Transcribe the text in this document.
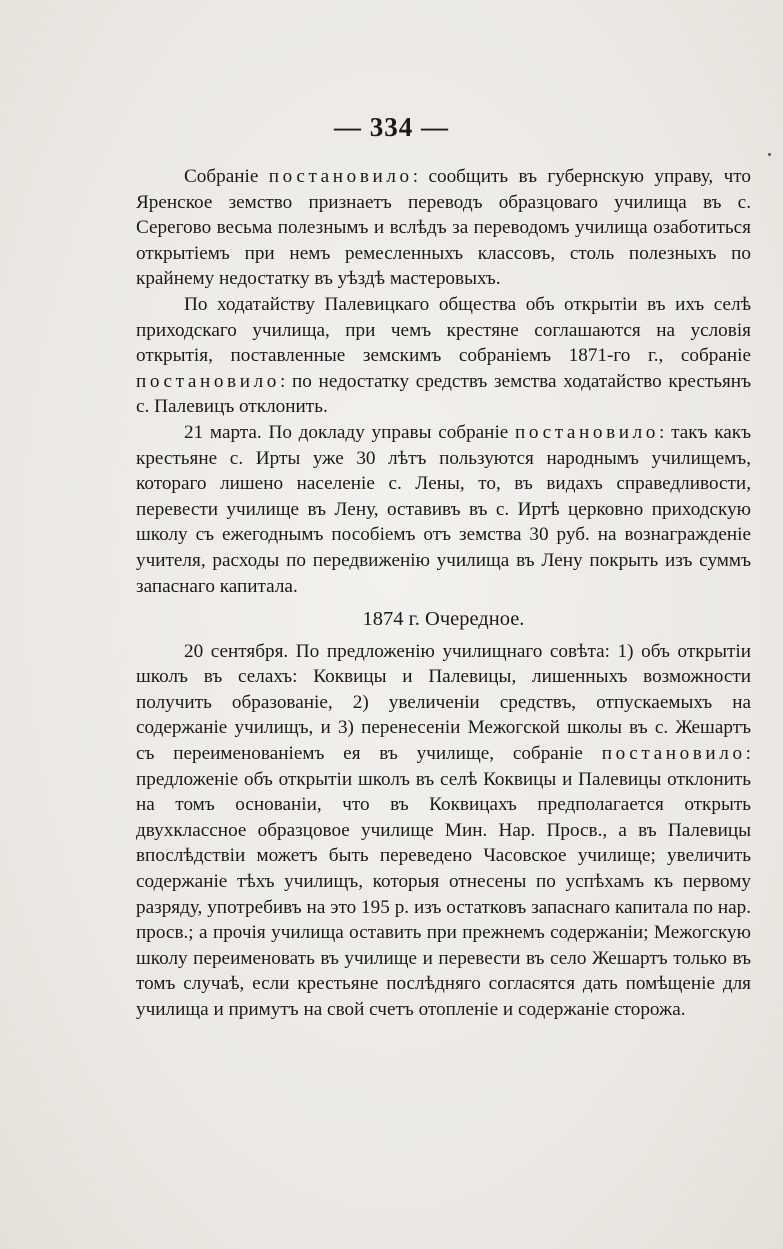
— 334 —

Собраніе постановило: сообщить въ губернскую управу, что Яренское земство признаетъ переводъ образцоваго училища въ с. Серегово весьма полезнымъ и вслѣдъ за переводомъ училища озаботиться открытіемъ при немъ ремесленныхъ классовъ, столь полезныхъ по крайнему недостатку въ уѣздѣ мастеровыхъ.

По ходатайству Палевицкаго общества объ открытіи въ ихъ селѣ приходскаго училища, при чемъ крестяне соглашаются на условія открытія, поставленные земскимъ собраніемъ 1871-го г., собраніе постановило: по недостатку средствъ земства ходатайство крестьянъ с. Палевицъ отклонить.

21 марта. По докладу управы собраніе постановило: такъ какъ крестьяне с. Ирты уже 30 лѣтъ пользуются народнымъ училищемъ, котораго лишено населеніе с. Лены, то, въ видахъ справедливости, перевести училище въ Лену, оставивъ въ с. Иртѣ церковно приходскую школу съ ежегоднымъ пособіемъ отъ земства 30 руб. на вознагражденіе учителя, расходы по передвиженію училища въ Лену покрыть изъ суммъ запаснаго капитала.

1874 г. Очередное.

20 сентября. По предложенію училищнаго совѣта: 1) объ открытіи школъ въ селахъ: Коквицы и Палевицы, лишенныхъ возможности получить образованіе, 2) увеличеніи средствъ, отпускаемыхъ на содержаніе училищъ, и 3) перенесеніи Межогской школы въ с. Жешартъ съ переименованіемъ ея въ училище, собраніе постановило: предложеніе объ открытіи школъ въ селѣ Коквицы и Палевицы отклонить на томъ основаніи, что въ Коквицахъ предполагается открыть двухклассное образцовое училище Мин. Нар. Просв., а въ Палевицы впослѣдствіи можетъ быть переведено Часовское училище; увеличить содержаніе тѣхъ училищъ, которыя отнесены по успѣхамъ къ первому разряду, употребивъ на это 195 р. изъ остатковъ запаснаго капитала по нар. просв.; а прочія училища оставить при прежнемъ содержаніи; Межогскую школу переименовать въ училище и перевести въ село Жешартъ только въ томъ случаѣ, если крестьяне послѣдняго согласятся дать помѣщеніе для училища и примутъ на свой счетъ отопленіе и содержаніе сторожа.
